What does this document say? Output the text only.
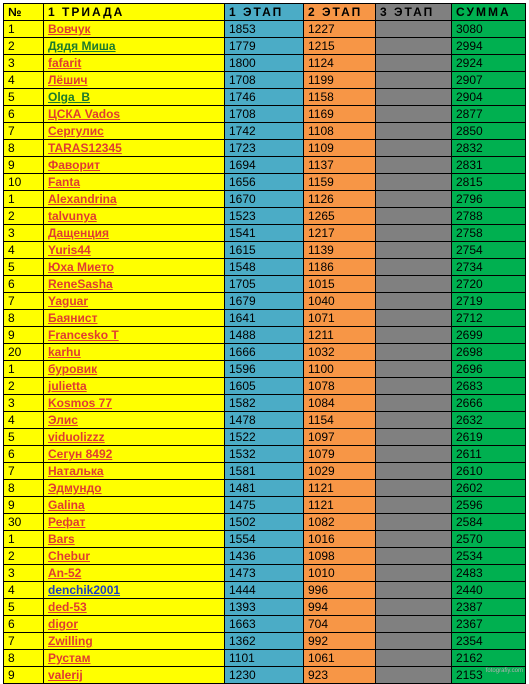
№	1 ТРИАДА	1 ЭТАП	2 ЭТАП	3 ЭТАП	СУММА
1	Вовчук	1853	1227		3080
2	Дядя Миша	1779	1215		2994
3	fafarit	1800	1124		2924
4	Лёшич	1708	1199		2907
5	Olga_B	1746	1158		2904
6	ЦСКА Vados	1708	1169		2877
7	Сергулис	1742	1108		2850
8	TARAS12345	1723	1109		2832
9	Фаворит	1694	1137		2831
10	Fanta	1656	1159		2815
1	Alexandrina	1670	1126		2796
2	talvunya	1523	1265		2788
3	Дащенция	1541	1217		2758
4	Yuris44	1615	1139		2754
5	Юха Мието	1548	1186		2734
6	ReneSasha	1705	1015		2720
7	Yaguar	1679	1040		2719
8	Баянист	1641	1071		2712
9	Francesko T	1488	1211		2699
20	karhu	1666	1032		2698
1	буровик	1596	1100		2696
2	julietta	1605	1078		2683
3	Kosmos 77	1582	1084		2666
4	Элис	1478	1154		2632
5	viduolizzz	1522	1097		2619
6	Сегун 8492	1532	1079		2611
7	Наталька	1581	1029		2610
8	Эдмундо	1481	1121		2602
9	Galina	1475	1121		2596
30	Рефат	1502	1082		2584
1	Bars	1554	1016		2570
2	Chebur	1436	1098		2534
3	An-52	1473	1010		2483
4	denchik2001	1444	996		2440
5	ded-53	1393	994		2387
6	digor	1663	704		2367
7	Zwilling	1362	992		2354
8	Рустам	1101	1061		2162
9	valerij	1230	923		2153 fotografiy.com
